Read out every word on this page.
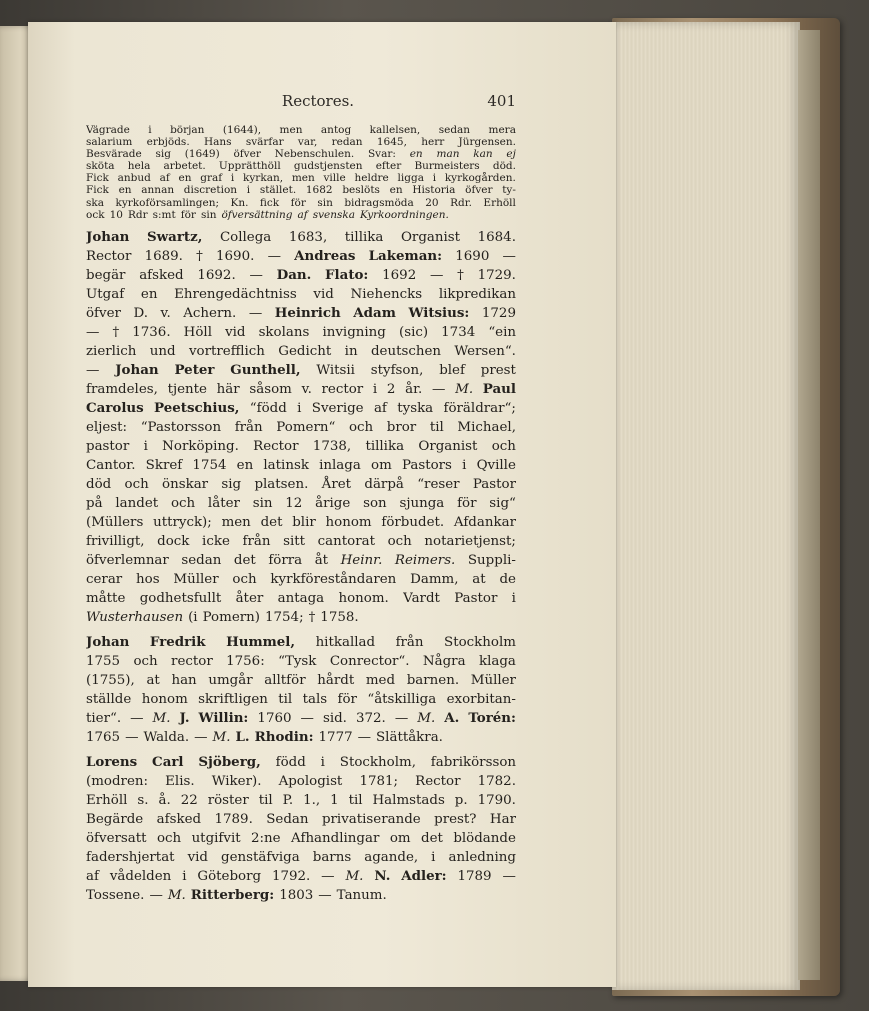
Rectores.	401
Vägrade i början (1644), men antog kallelsen, sedan mera
salarium erbjöds. Hans svärfar var, redan 1645, herr Jürgensen.
Besvärade sig (1649) öfver Nebenschulen. Svar: en man kan ej
sköta hela arbetet. Upprätthöll gudstjensten efter Burmeisters död.
Fick anbud af en graf i kyrkan, men ville heldre ligga i kyrkogården.
Fick en annan discretion i stället. 1682 beslöts en Historia öfver ty-
ska kyrkoförsamlingen; Kn. fick för sin bidragsmöda 20 Rdr. Erhöll
ock 10 Rdr s:mt för sin öfversättning af svenska Kyrkoordningen.
Johan Swartz, Collega 1683, tillika Organist 1684.
Rector 1689. † 1690. — Andreas Lakeman: 1690 —
begär afsked 1692. — Dan. Flato: 1692 — † 1729.
Utgaf en Ehrengedächtniss vid Niehencks likpredikan
öfver D. v. Achern. — Heinrich Adam Witsius: 1729
— † 1736. Höll vid skolans invigning (sic) 1734 “ein
zierlich und vortrefflich Gedicht in deutschen Wersen“.
— Johan Peter Gunthell, Witsii styfson, blef prest
framdeles, tjente här såsom v. rector i 2 år. — M. Paul
Carolus Peetschius, “född i Sverige af tyska föräldrar“;
eljest: “Pastorsson från Pomern“ och bror til Michael,
pastor i Norköping. Rector 1738, tillika Organist och
Cantor. Skref 1754 en latinsk inlaga om Pastors i Qville
död och önskar sig platsen. Året därpå “reser Pastor
på landet och låter sin 12 årige son sjunga för sig“
(Müllers uttryck); men det blir honom förbudet. Afdankar
frivilligt, dock icke från sitt cantorat och notarietjenst;
öfverlemnar sedan det förra åt Heinr. Reimers. Suppli-
cerar hos Müller och kyrkföreståndaren Damm, at de
måtte godhetsfullt åter antaga honom. Vardt Pastor i
Wusterhausen (i Pomern) 1754; † 1758.
Johan Fredrik Hummel, hitkallad från Stockholm
1755 och rector 1756: “Tysk Conrector“. Några klaga
(1755), at han umgår alltför hårdt med barnen. Müller
ställde honom skriftligen til tals för “åtskilliga exorbitan-
tier“. — M. J. Willin: 1760 — sid. 372. — M. A. Torén:
1765 — Walda. — M. L. Rhodin: 1777 — Slättåkra.
Lorens Carl Sjöberg, född i Stockholm, fabrikörsson
(modren: Elis. Wiker). Apologist 1781; Rector 1782.
Erhöll s. å. 22 röster til P. 1., 1 til Halmstads p. 1790.
Begärde afsked 1789. Sedan privatiserande prest? Har
öfversatt och utgifvit 2:ne Afhandlingar om det blödande
fadershjertat vid genstäfviga barns agande, i anledning
af vådelden i Göteborg 1792. — M. N. Adler: 1789 —
Tossene. — M. Ritterberg: 1803 — Tanum.
